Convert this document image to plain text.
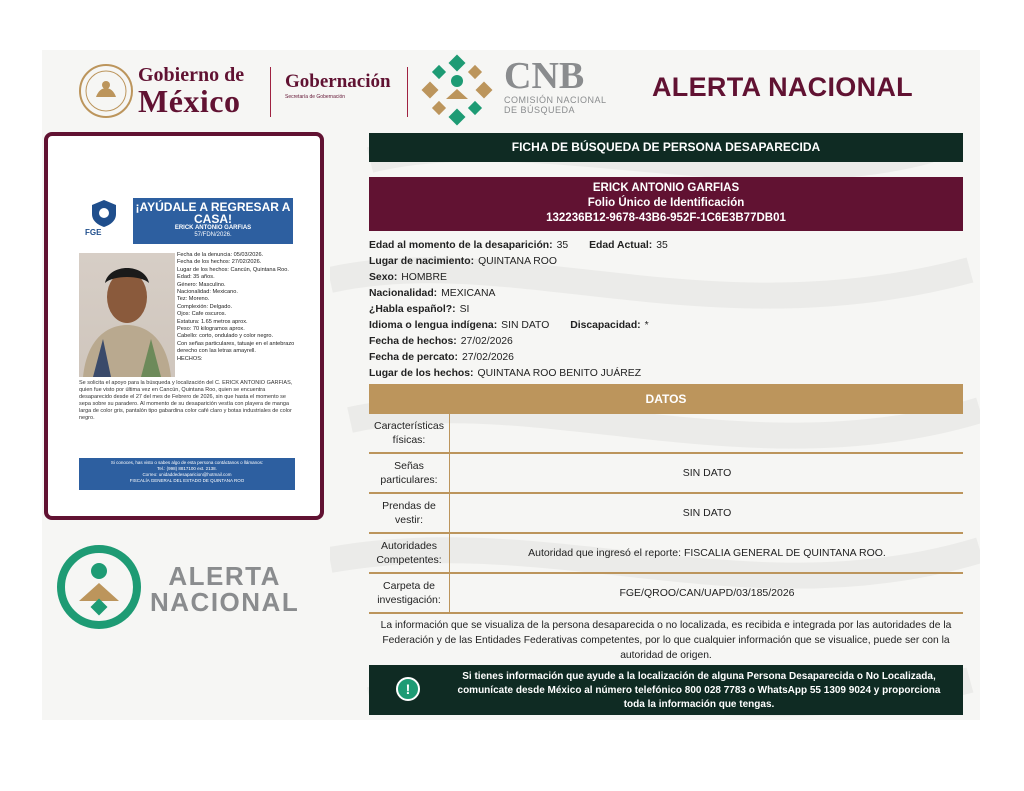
Gobierno de
México
Gobernación
Secretaría de Gobernación	CNB
COMISIÓN NACIONAL
DE BÚSQUEDA
ALERTA NACIONAL
FGE
¡AYÚDALE A REGRESAR A CASA!
ERICK ANTONIO GARFIAS
57/FDN/2026.
Fecha de la denuncia: 05/03/2026.
Fecha de los hechos: 27/02/2026.
Lugar de los hechos: Cancún, Quintana Roo.
Edad: 35 años.
Género: Masculino.
Nacionalidad: Mexicano.
Tez: Moreno.
Complexión: Delgado.
Ojos: Cafe oscuros.
Estatura: 1.65 metros aprox.
Peso: 70 kilogramos aprox.
Cabello: corto, ondulado y color negro.
Con señas particulares, tatuaje en el antebrazo derecho con las letras amayrell.
HECHOS:
Se solicita el apoyo para la búsqueda y localización del C. ERICK ANTONIO GARFIAS, quien fue visto por última vez en Cancún, Quintana Roo, quien se encuentra desaparecido desde el 27 del mes de Febrero de 2026, sin que hasta el momento se sepa sobre su paradero. Al momento de su desaparición vestía con playera de manga larga de color gris, pantalón tipo gabardina color café claro y botas industriales de color negro.
Si conoces, has visto o sabes algo de esta persona contáctanos o llámanos:
Tel.: (998) 8817100 ext. 2138.
Correo: unidaddedesaparicion@hotmail.com
FISCALÍA GENERAL DEL ESTADO DE QUINTANA ROO
ALERTA
NACIONAL
FICHA DE BÚSQUEDA DE PERSONA DESAPARECIDA
ERICK ANTONIO GARFIAS
Folio Único de Identificación
132236B12-9678-43B6-952F-1C6E3B77DB01
Edad al momento de la desaparición: 35 Edad Actual: 35
Lugar de nacimiento: QUINTANA ROO
Sexo: HOMBRE
Nacionalidad: MEXICANA
¿Habla español?: SI
Idioma o lengua indígena: SIN DATO Discapacidad: *
Fecha de hechos: 27/02/2026
Fecha de percato: 27/02/2026
Lugar de los hechos: QUINTANA ROO BENITO JUÁREZ
DATOS
Características físicas:
Señas particulares:
SIN DATO
Prendas de vestir:
SIN DATO
Autoridades Competentes:
Autoridad que ingresó el reporte: FISCALIA GENERAL DE QUINTANA ROO.
Carpeta de investigación:
FGE/QROO/CAN/UAPD/03/185/2026
La información que se visualiza de la persona desaparecida o no localizada, es recibida e integrada por las autoridades de la Federación y de las Entidades Federativas competentes, por lo que cualquier información que se visualice, puede ser con la autoridad de origen.
!
Si tienes información que ayude a la localización de alguna Persona Desaparecida o No Localizada, comunícate desde México al número telefónico 800 028 7783 o WhatsApp 55 1309 9024 y proporciona toda la información que tengas.
